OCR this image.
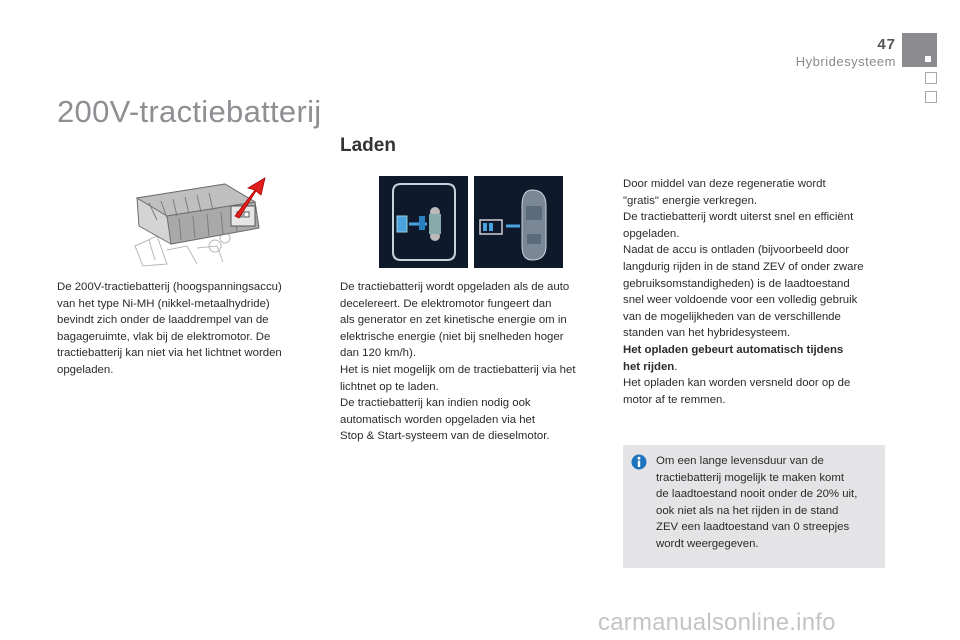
47
Hybridesysteem
200V-tractiebatterij
Laden
De 200V-tractiebatterij (hoogspanningsaccu)
van het type Ni-MH (nikkel-metaalhydride)
bevindt zich onder de laaddrempel van de
bagageruimte, vlak bij de elektromotor. De
tractiebatterij kan niet via het lichtnet worden
opgeladen.
De tractiebatterij wordt opgeladen als de auto
decelereert. De elektromotor fungeert dan
als generator en zet kinetische energie om in
elektrische energie (niet bij snelheden hoger
dan 120 km/h).
Het is niet mogelijk om de tractiebatterij via het
lichtnet op te laden.
De tractiebatterij kan indien nodig ook
automatisch worden opgeladen via het
Stop & Start-systeem van de dieselmotor.
Door middel van deze regeneratie wordt
"gratis" energie verkregen.
De tractiebatterij wordt uiterst snel en efficiënt
opgeladen.
Nadat de accu is ontladen (bijvoorbeeld door
langdurig rijden in de stand ZEV of onder zware
gebruiksomstandigheden) is de laadtoestand
snel weer voldoende voor een volledig gebruik
van de mogelijkheden van de verschillende
standen van het hybridesysteem.
Het opladen gebeurt automatisch tijdens
het rijden.
Het opladen kan worden versneld door op de
motor af te remmen.
Om een lange levensduur van de
tractiebatterij mogelijk te maken komt
de laadtoestand nooit onder de 20% uit,
ook niet als na het rijden in de stand
ZEV een laadtoestand van 0 streepjes
wordt weergegeven.
carmanualsonline.info
